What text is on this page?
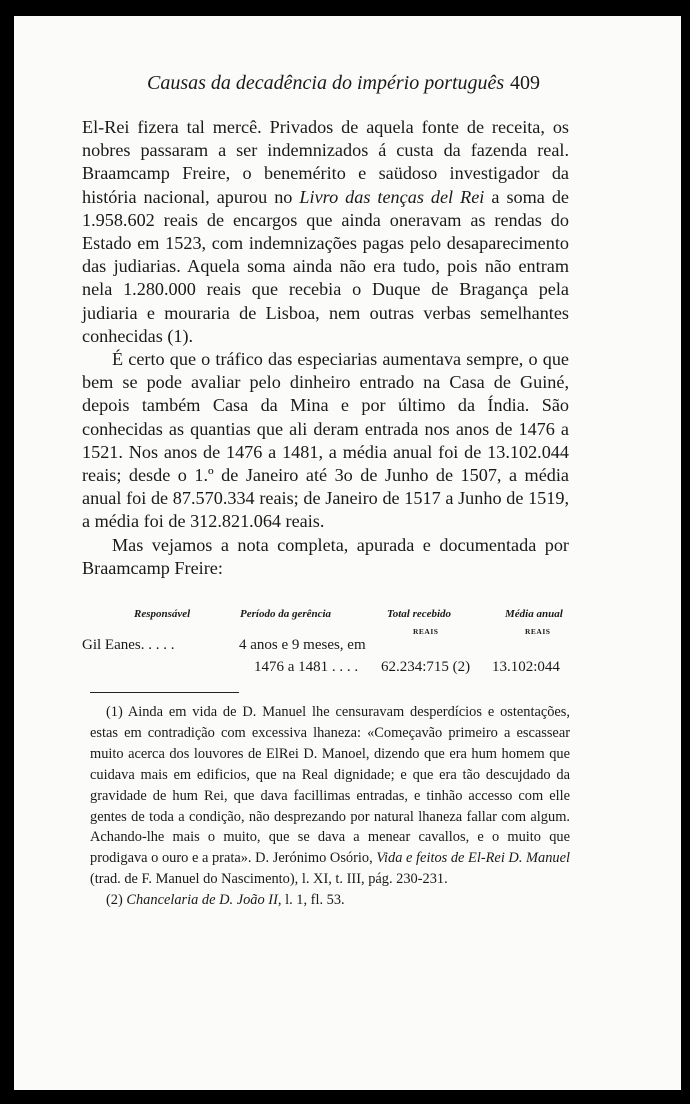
Causas da decadência do império português 409

El-Rei fizera tal mercê. Privados de aquela fonte de receita, os nobres passaram a ser indemnizados á custa da fazenda real. Braamcamp Freire, o benemérito e saüdoso investigador da história nacional, apurou no Livro das tenças del Rei a soma de 1.958.602 reais de encargos que ainda oneravam as rendas do Estado em 1523, com indemnizações pagas pelo desaparecimento das judiarias. Aquela soma ainda não era tudo, pois não entram nela 1.280.000 reais que recebia o Duque de Bragança pela judiaria e mouraria de Lisboa, nem outras verbas semelhantes conhecidas (1).

É certo que o tráfico das especiarias aumentava sempre, o que bem se pode avaliar pelo dinheiro entrado na Casa de Guiné, depois também Casa da Mina e por último da Índia. São conhecidas as quantias que ali deram entrada nos anos de 1476 a 1521. Nos anos de 1476 a 1481, a média anual foi de 13.102.044 reais; desde o 1.º de Janeiro até 3o de Junho de 1507, a média anual foi de 87.570.334 reais; de Janeiro de 1517 a Junho de 1519, a média foi de 312.821.064 reais.

Mas vejamos a nota completa, apurada e documentada por Braamcamp Freire:

Responsável	Período da gerência	Total recebido	Média anual
REAIS	REAIS
Gil Eanes. . . . .	4 anos e 9 meses, em
1476 a 1481 . . . . 62.234:715 (2) 13.102:044

(1) Ainda em vida de D. Manuel lhe censuravam desperdícios e ostentações, estas em contradição com excessiva lhaneza: «Começavão primeiro a escassear muito acerca dos louvores de ElRei D. Manoel, dizendo que era hum homem que cuidava mais em edificios, que na Real dignidade; e que era tão descujdado da gravidade de hum Rei, que dava facillimas entradas, e tinhão accesso com elle gentes de toda a condição, não desprezando por natural lhaneza fallar com algum. Achando-lhe mais o muito, que se dava a menear cavallos, e o muito que prodigava o ouro e a prata». D. Jerónimo Osório, Vida e feitos de El-Rei D. Manuel (trad. de F. Manuel do Nascimento), l. XI, t. III, pág. 230-231.

(2) Chancelaria de D. João II, l. 1, fl. 53.
